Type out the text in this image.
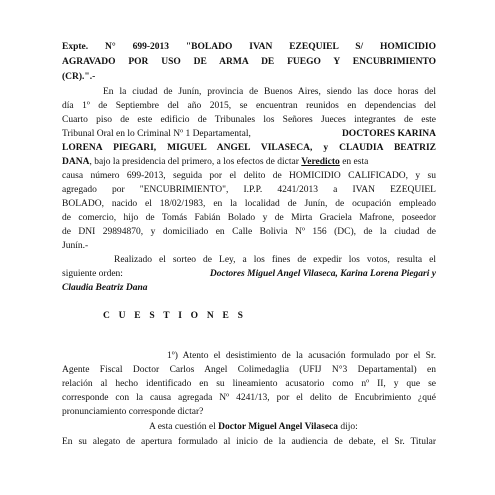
Expte. N° 699-2013 "BOLADO IVAN EZEQUIEL S/ HOMICIDIO
AGRAVADO POR USO DE ARMA DE FUEGO Y ENCUBRIMIENTO
(CR).".-
En la ciudad de Junín, provincia de Buenos Aires, siendo las doce horas del
día 1º de Septiembre del año 2015, se encuentran reunidos en dependencias del
Cuarto piso de este edificio de Tribunales los Señores Jueces integrantes de este
Tribunal Oral en lo Criminal Nº 1 Departamental,	DOCTORES KARINA
LORENA PIEGARI, MIGUEL ANGEL VILASECA, y CLAUDIA BEATRIZ
DANA, bajo la presidencia del primero, a los efectos de dictar Veredicto en esta
causa número 699-2013, seguida por el delito de HOMICIDIO CALIFICADO, y su
agregado por "ENCUBRIMIENTO", I.P.P. 4241/2013 a IVAN EZEQUIEL
BOLADO, nacido el 18/02/1983, en la localidad de Junín, de ocupación empleado
de comercio, hijo de Tomás Fabián Bolado y de Mirta Graciela Mafrone, poseedor
de DNI 29894870, y domiciliado en Calle Bolivia Nº 156 (DC), de la ciudad de
Junín.-
Realizado el sorteo de Ley, a los fines de expedir los votos, resulta el
siguiente orden:	Doctores Miguel Angel Vilaseca, Karina Lorena Piegari y
Claudia Beatriz Dana
C U E S T I O N E S
1º) Atento el desistimiento de la acusación formulado por el Sr.
Agente Fiscal Doctor Carlos Angel Colimedaglia (UFIJ N°3 Departamental) en
relación al hecho identificado en su lineamiento acusatorio como nº II, y que se
corresponde con la causa agregada Nº 4241/13, por el delito de Encubrimiento ¿qué
pronunciamiento corresponde dictar?
A esta cuestión el Doctor Miguel Angel Vilaseca dijo:
En su alegato de apertura formulado al inicio de la audiencia de debate, el Sr. Titular
